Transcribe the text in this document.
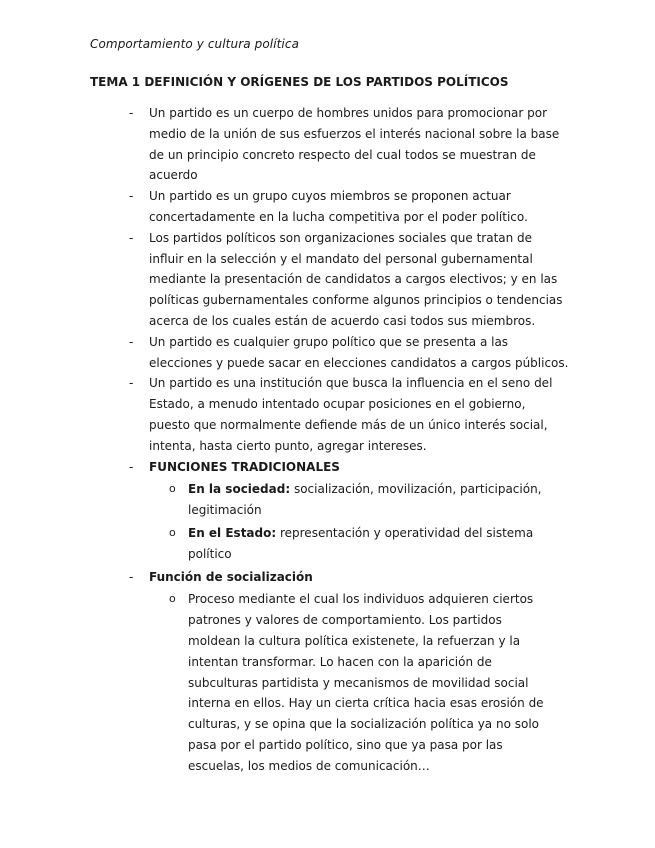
Comportamiento y cultura política
TEMA 1 DEFINICIÓN Y ORÍGENES DE LOS PARTIDOS POLÍTICOS
- Un partido es un cuerpo de hombres unidos para promocionar por medio de la unión de sus esfuerzos el interés nacional sobre la base de un principio concreto respecto del cual todos se muestran de acuerdo
- Un partido es un grupo cuyos miembros se proponen actuar concertadamente en la lucha competitiva por el poder político.
- Los partidos políticos son organizaciones sociales que tratan de influir en la selección y el mandato del personal gubernamental mediante la presentación de candidatos a cargos electivos; y en las políticas gubernamentales conforme algunos principios o tendencias acerca de los cuales están de acuerdo casi todos sus miembros.
- Un partido es cualquier grupo político que se presenta a las elecciones y puede sacar en elecciones candidatos a cargos públicos.
- Un partido es una institución que busca la influencia en el seno del Estado, a menudo intentado ocupar posiciones en el gobierno, puesto que normalmente defiende más de un único interés social, intenta, hasta cierto punto, agregar intereses.
- FUNCIONES TRADICIONALES
o En la sociedad: socialización, movilización, participación, legitimación
o En el Estado: representación y operatividad del sistema político
- Función de socialización
o Proceso mediante el cual los individuos adquieren ciertos patrones y valores de comportamiento. Los partidos moldean la cultura política existenete, la refuerzan y la intentan transformar. Lo hacen con la aparición de subculturas partidista y mecanismos de movilidad social interna en ellos. Hay un cierta crítica hacia esas erosión de culturas, y se opina que la socialización política ya no solo pasa por el partido político, sino que ya pasa por las escuelas, los medios de comunicación…
